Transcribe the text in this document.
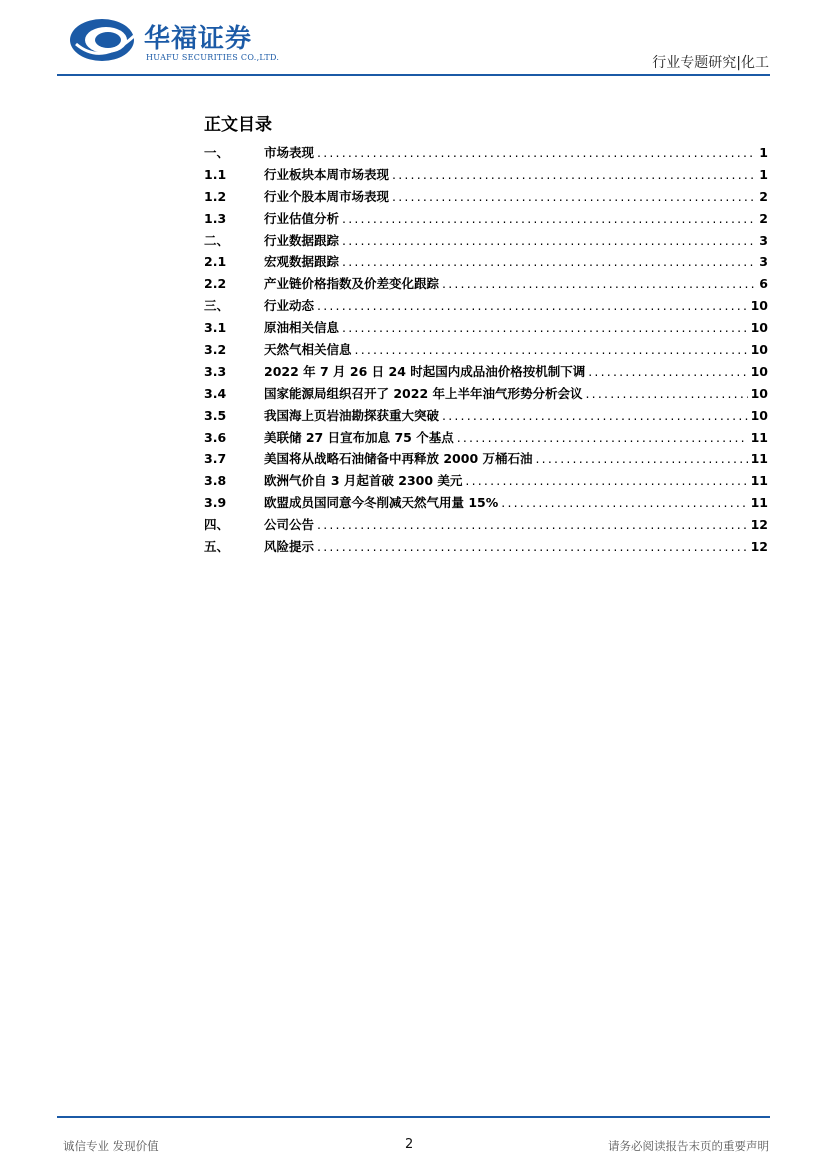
华福证券
HUAFU SECURITIES CO.,LTD.	行业专题研究|化工
正文目录
一、	市场表现 .....	1
1.1	行业板块本周市场表现 .....	1
1.2	行业个股本周市场表现 .....	2
1.3	行业估值分析 .....	2
二、	行业数据跟踪 .....	3
2.1	宏观数据跟踪 .....	3
2.2	产业链价格指数及价差变化跟踪 .....	6
三、	行业动态 .....	10
3.1	原油相关信息 .....	10
3.2	天然气相关信息 .....	10
3.3	2022 年 7 月 26 日 24 时起国内成品油价格按机制下调 .....	10
3.4	国家能源局组织召开了 2022 年上半年油气形势分析会议 .....	10
3.5	我国海上页岩油勘探获重大突破 .....	10
3.6	美联储 27 日宣布加息 75 个基点 .....	11
3.7	美国将从战略石油储备中再释放 2000 万桶石油 .....	11
3.8	欧洲气价自 3 月起首破 2300 美元 .....	11
3.9	欧盟成员国同意今冬削减天然气用量 15% .....	11
四、	公司公告 .....	12
五、	风险提示 .....	12
诚信专业 发现价值	2	请务必阅读报告末页的重要声明
